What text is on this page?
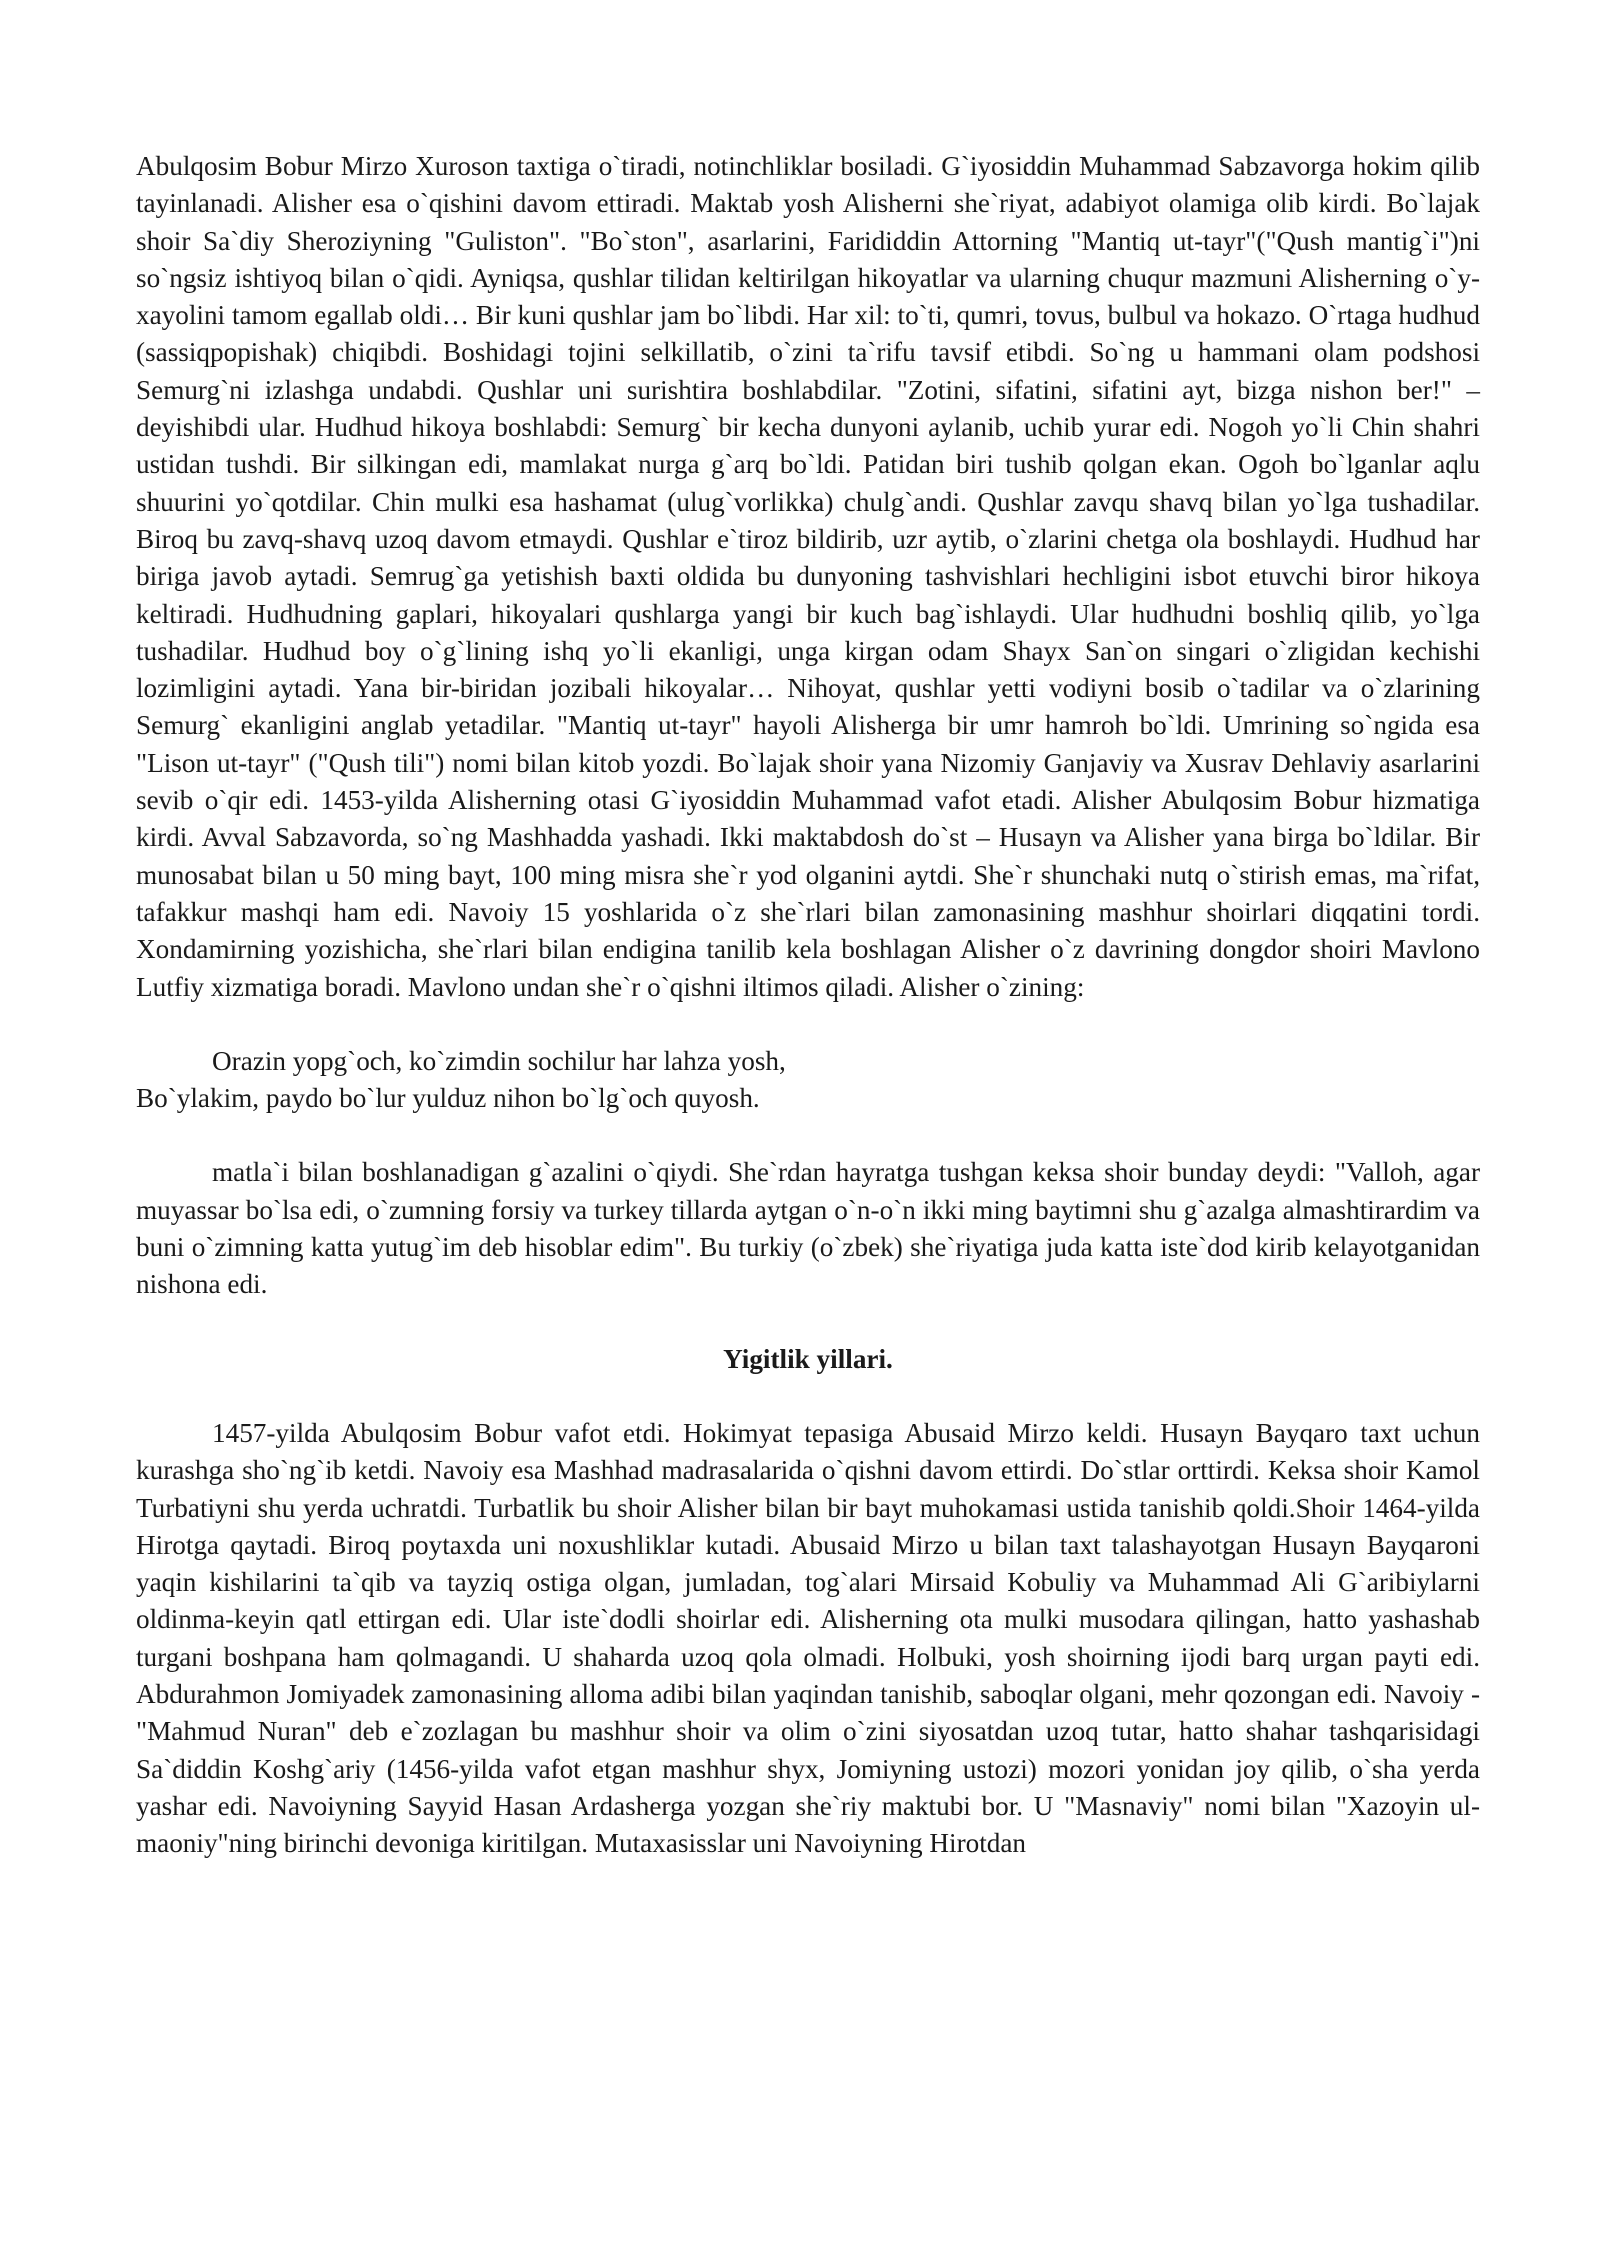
Abulqosim Bobur Mirzo Xuroson taxtiga o`tiradi, notinchliklar bosiladi. G`iyosiddin Muhammad Sabzavorga hokim qilib tayinlanadi. Alisher esa o`qishini davom ettiradi. Maktab yosh Alisherni she`riyat, adabiyot olamiga olib kirdi. Bo`lajak shoir Sa`diy Sheroziyning "Guliston". "Bo`ston", asarlarini, Farididdin Attorning "Mantiq ut-tayr"("Qush mantig`i")ni so`ngsiz ishtiyoq bilan o`qidi. Ayniqsa, qushlar tilidan keltirilgan hikoyatlar va ularning chuqur mazmuni Alisherning o`y-xayolini tamom egallab oldi… Bir kuni qushlar jam bo`libdi. Har xil: to`ti, qumri, tovus, bulbul va hokazo. O`rtaga hudhud (sassiqpopishak) chiqibdi. Boshidagi tojini selkillatib, o`zini ta`rifu tavsif etibdi. So`ng u hammani olam podshosi Semurg`ni izlashga undabdi. Qushlar uni surishtira boshlabdilar. "Zotini, sifatini, sifatini ayt, bizga nishon ber!" – deyishibdi ular. Hudhud hikoya boshlabdi: Semurg` bir kecha dunyoni aylanib, uchib yurar edi. Nogoh yo`li Chin shahri ustidan tushdi. Bir silkingan edi, mamlakat nurga g`arq bo`ldi. Patidan biri tushib qolgan ekan. Ogoh bo`lganlar aqlu shuurini yo`qotdilar. Chin mulki esa hashamat (ulug`vorlikka) chulg`andi. Qushlar zavqu shavq bilan yo`lga tushadilar. Biroq bu zavq-shavq uzoq davom etmaydi. Qushlar e`tiroz bildirib, uzr aytib, o`zlarini chetga ola boshlaydi. Hudhud har biriga javob aytadi. Semrug`ga yetishish baxti oldida bu dunyoning tashvishlari hechligini isbot etuvchi biror hikoya keltiradi. Hudhudning gaplari, hikoyalari qushlarga yangi bir kuch bag`ishlaydi. Ular hudhudni boshliq qilib, yo`lga tushadilar. Hudhud boy o`g`lining ishq yo`li ekanligi, unga kirgan odam Shayx San`on singari o`zligidan kechishi lozimligini aytadi. Yana bir-biridan jozibali hikoyalar… Nihoyat, qushlar yetti vodiyni bosib o`tadilar va o`zlarining Semurg` ekanligini anglab yetadilar. "Mantiq ut-tayr" hayoli Alisherga bir umr hamroh bo`ldi. Umrining so`ngida esa "Lison ut-tayr" ("Qush tili") nomi bilan kitob yozdi. Bo`lajak shoir yana Nizomiy Ganjaviy va Xusrav Dehlaviy asarlarini sevib o`qir edi. 1453-yilda Alisherning otasi G`iyosiddin Muhammad vafot etadi. Alisher Abulqosim Bobur hizmatiga kirdi. Avval Sabzavorda, so`ng Mashhadda yashadi. Ikki maktabdosh do`st – Husayn va Alisher yana birga bo`ldilar. Bir munosabat bilan u 50 ming bayt, 100 ming misra she`r yod olganini aytdi. She`r shunchaki nutq o`stirish emas, ma`rifat, tafakkur mashqi ham edi. Navoiy 15 yoshlarida o`z she`rlari bilan zamonasining mashhur shoirlari diqqatini tordi. Xondamirning yozishicha, she`rlari bilan endigina tanilib kela boshlagan Alisher o`z davrining dongdor shoiri Mavlono Lutfiy xizmatiga boradi. Mavlono undan she`r o`qishni iltimos qiladi. Alisher o`zining:

Orazin yopg`och, ko`zimdin sochilur har lahza yosh,
Bo`ylakim, paydo bo`lur yulduz nihon bo`lg`och quyosh.

matla`i bilan boshlanadigan g`azalini o`qiydi. She`rdan hayratga tushgan keksa shoir bunday deydi: "Valloh, agar muyassar bo`lsa edi, o`zumning forsiy va turkey tillarda aytgan o`n-o`n ikki ming baytimni shu g`azalga almashtirardim va buni o`zimning katta yutug`im deb hisoblar edim". Bu turkiy (o`zbek) she`riyatiga juda katta iste`dod kirib kelayotganidan nishona edi.

Yigitlik yillari.

1457-yilda Abulqosim Bobur vafot etdi. Hokimyat tepasiga Abusaid Mirzo keldi. Husayn Bayqaro taxt uchun kurashga sho`ng`ib ketdi. Navoiy esa Mashhad madrasalarida o`qishni davom ettirdi. Do`stlar orttirdi. Keksa shoir Kamol Turbatiyni shu yerda uchratdi. Turbatlik bu shoir Alisher bilan bir bayt muhokamasi ustida tanishib qoldi.Shoir 1464-yilda Hirotga qaytadi. Biroq poytaxda uni noxushliklar kutadi. Abusaid Mirzo u bilan taxt talashayotgan Husayn Bayqaroni yaqin kishilarini ta`qib va tayziq ostiga olgan, jumladan, tog`alari Mirsaid Kobuliy va Muhammad Ali G`aribiylarni oldinma-keyin qatl ettirgan edi. Ular iste`dodli shoirlar edi. Alisherning ota mulki musodara qilingan, hatto yashashab turgani boshpana ham qolmagandi. U shaharda uzoq qola olmadi. Holbuki, yosh shoirning ijodi barq urgan payti edi. Abdurahmon Jomiyadek zamonasining alloma adibi bilan yaqindan tanishib, saboqlar olgani, mehr qozongan edi. Navoiy - "Mahmud Nuran" deb e`zozlagan bu mashhur shoir va olim o`zini siyosatdan uzoq tutar, hatto shahar tashqarisidagi Sa`diddin Koshg`ariy (1456-yilda vafot etgan mashhur shyx, Jomiyning ustozi) mozori yonidan joy qilib, o`sha yerda yashar edi. Navoiyning Sayyid Hasan Ardasherga yozgan she`riy maktubi bor. U "Masnaviy" nomi bilan "Xazoyin ul-maoniy"ning birinchi devoniga kiritilgan. Mutaxasisslar uni Navoiyning Hirotdan
